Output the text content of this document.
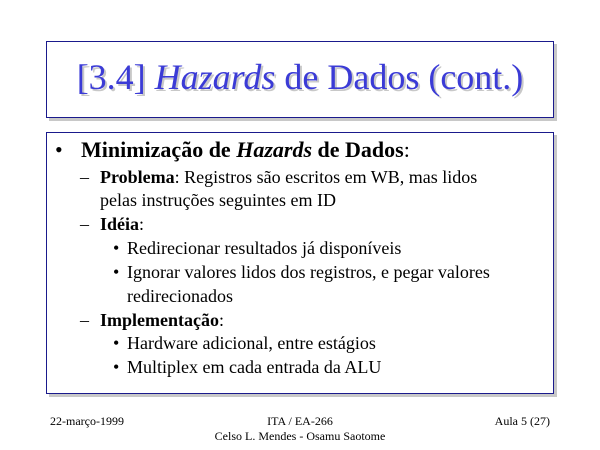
[3.4] Hazards de Dados (cont.)
• Minimização de Hazards de Dados:
– Problema: Registros são escritos em WB, mas lidos
pelas instruções seguintes em ID
– Idéia:
• Redirecionar resultados já disponíveis
• Ignorar valores lidos dos registros, e pegar valores
redirecionados
– Implementação:
• Hardware adicional, entre estágios
• Multiplex em cada entrada da ALU
22-março-1999	ITA / EA-266
Celso L. Mendes - Osamu Saotome
Aula 5 (27)
